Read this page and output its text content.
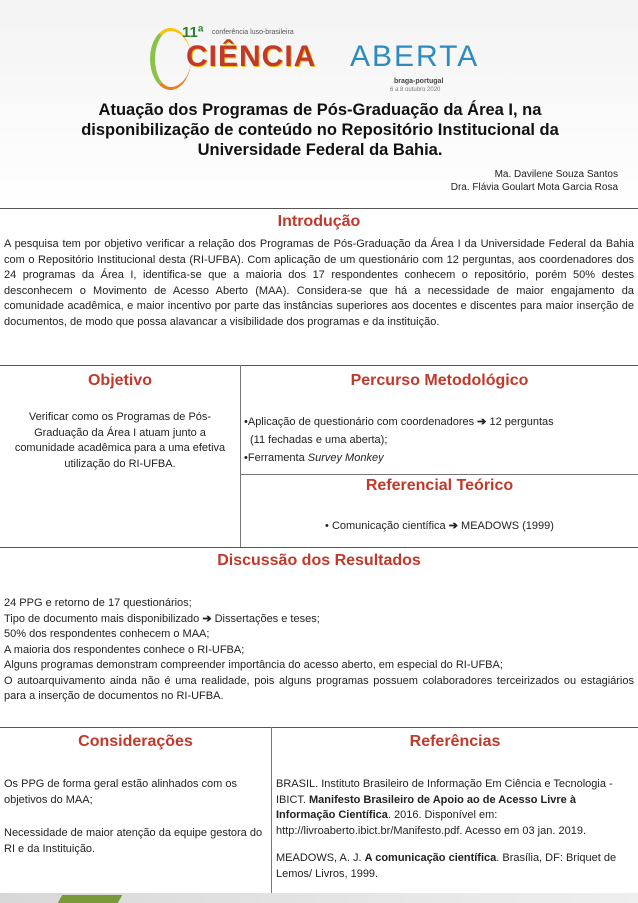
11ª conferência luso-brasileira
CIÊNCIA ABERTA
braga-portugal
6 a 8 outubro 2020
Atuação dos Programas de Pós-Graduação da Área I, na disponibilização de conteúdo no Repositório Institucional da Universidade Federal da Bahia.
Ma. Davilene Souza Santos
Dra. Flávia Goulart Mota Garcia Rosa
Introdução
A pesquisa tem por objetivo verificar a relação dos Programas de Pós-Graduação da Área I da Universidade Federal da Bahia com o Repositório Institucional desta (RI-UFBA). Com aplicação de um questionário com 12 perguntas, aos coordenadores dos 24 programas da Área I, identifica-se que a maioria dos 17 respondentes conhecem o repositório, porém 50% destes desconhecem o Movimento de Acesso Aberto (MAA). Considera-se que há a necessidade de maior engajamento da comunidade acadêmica, e maior incentivo por parte das instâncias superiores aos docentes e discentes para maior inserção de documentos, de modo que possa alavancar a visibilidade dos programas e da instituição.
Objetivo
Verificar como os Programas de Pós-Graduação da Área I atuam junto a comunidade acadêmica para a uma efetiva utilização do RI-UFBA.
Percurso Metodológico
•Aplicação de questionário com coordenadores ➔ 12 perguntas
(11 fechadas e uma aberta);
•Ferramenta Survey Monkey
Referencial Teórico
• Comunicação científica ➔ MEADOWS (1999)
Discussão dos Resultados
24 PPG e retorno de 17 questionários;
Tipo de documento mais disponibilizado ➔ Dissertações e teses;
50% dos respondentes conhecem o MAA;
A maioria dos respondentes conhece o RI-UFBA;
Alguns programas demonstram compreender importância do acesso aberto, em especial do RI-UFBA;
O autoarquivamento ainda não é uma realidade, pois alguns programas possuem colaboradores terceirizados ou estagiários para a inserção de documentos no RI-UFBA.
Considerações
Os PPG de forma geral estão alinhados com os objetivos do MAA;
Necessidade de maior atenção da equipe gestora do RI e da Instituição.
Referências

BRASIL. Instituto Brasileiro de Informação Em Ciência e Tecnologia - IBICT. Manifesto Brasileiro de Apoio ao de Acesso Livre à Informação Científica. 2016. Disponível em: http://livroaberto.ibict.br/Manifesto.pdf. Acesso em 03 jan. 2019.

MEADOWS, A. J. A comunicação científica. Brasília, DF: Briquet de Lemos/ Livros, 1999.
